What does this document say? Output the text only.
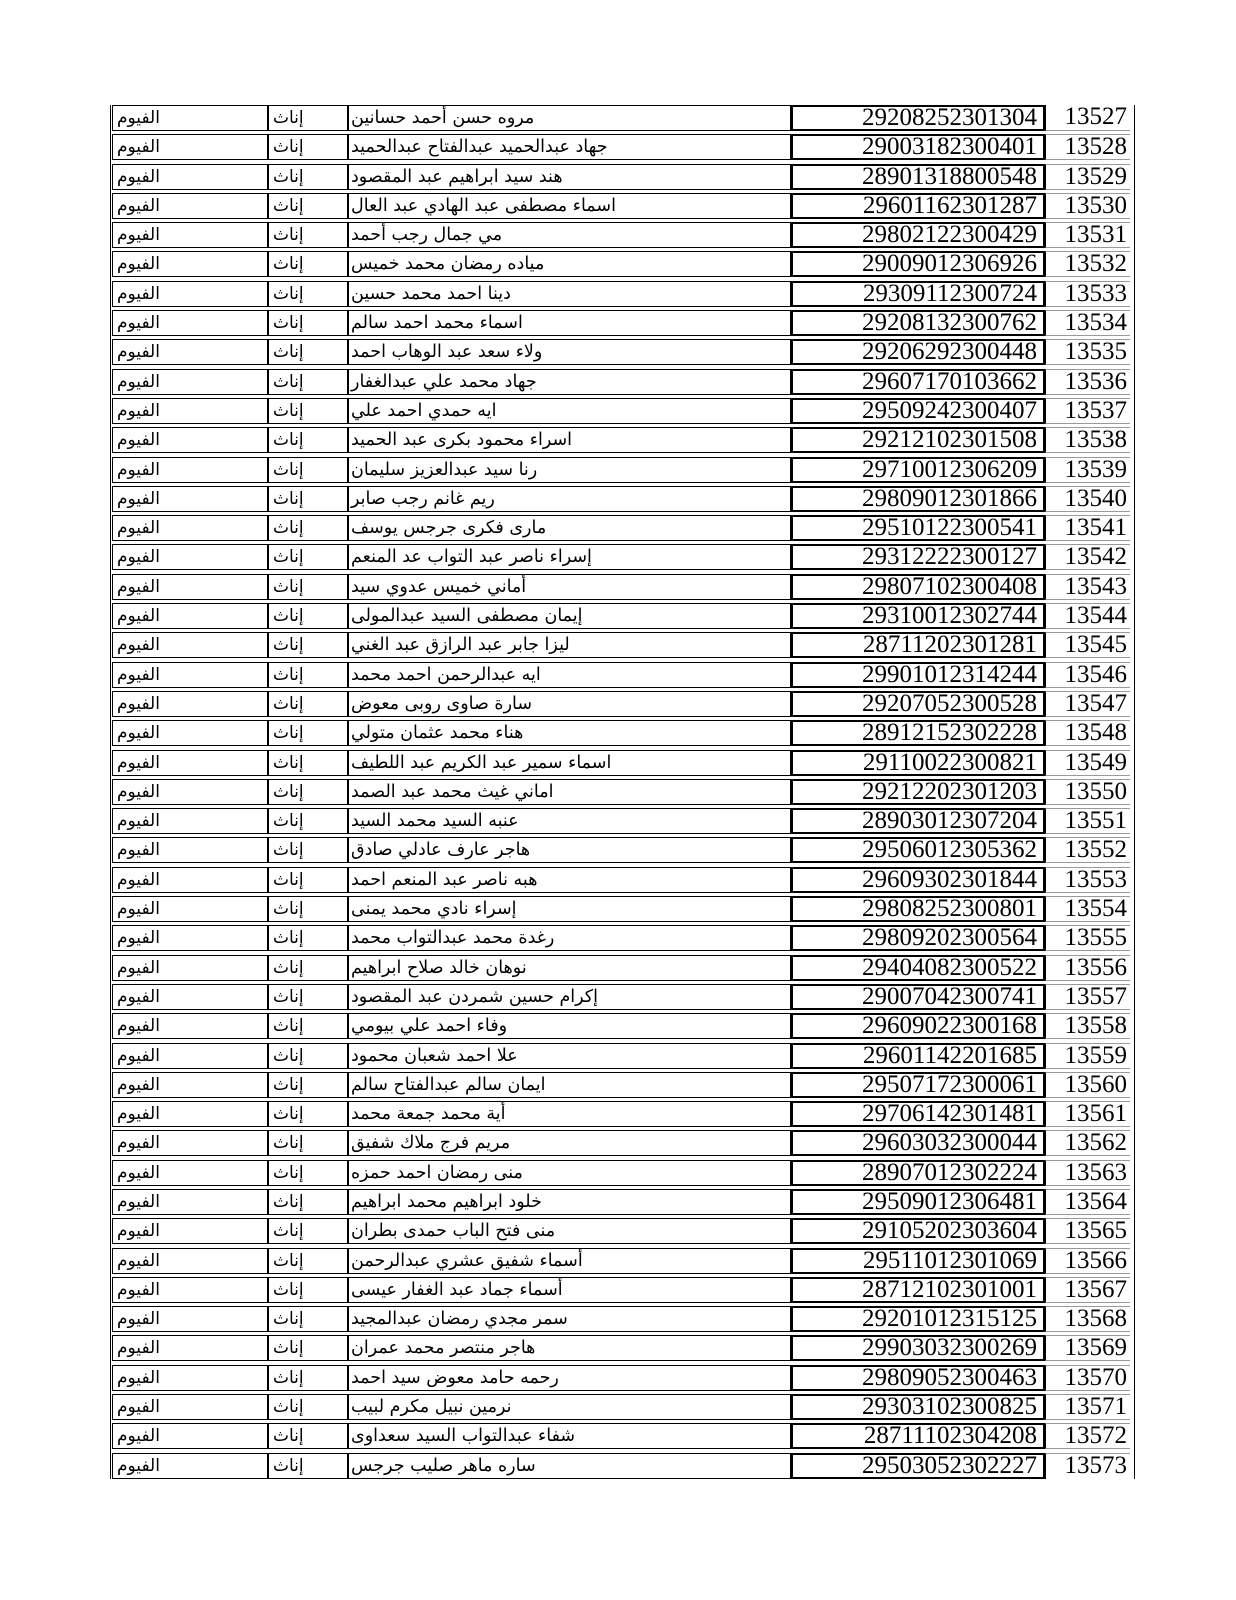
الفيوم	إناث	مروه حسن أحمد حسانين	29208252301304	13527
الفيوم	إناث	جهاد عبدالحميد عبدالفتاح عبدالحميد	29003182300401	13528
الفيوم	إناث	هند سيد ابراهيم عبد المقصود	28901318800548	13529
الفيوم	إناث	اسماء مصطفى عبد الهادي عبد العال	29601162301287	13530
الفيوم	إناث	مي جمال رجب أحمد	29802122300429	13531
الفيوم	إناث	مياده رمضان محمد خميس	29009012306926	13532
الفيوم	إناث	دينا احمد محمد حسين	29309112300724	13533
الفيوم	إناث	اسماء محمد احمد سالم	29208132300762	13534
الفيوم	إناث	ولاء سعد عبد الوهاب احمد	29206292300448	13535
الفيوم	إناث	جهاد محمد علي عبدالغفار	29607170103662	13536
الفيوم	إناث	ايه حمدي احمد علي	29509242300407	13537
الفيوم	إناث	اسراء محمود بكرى عبد الحميد	29212102301508	13538
الفيوم	إناث	رنا سيد عبدالعزيز سليمان	29710012306209	13539
الفيوم	إناث	ريم غانم رجب صابر	29809012301866	13540
الفيوم	إناث	مارى فكرى جرجس يوسف	29510122300541	13541
الفيوم	إناث	إسراء ناصر عبد التواب عد المنعم	29312222300127	13542
الفيوم	إناث	أماني خميس عدوي سيد	29807102300408	13543
الفيوم	إناث	إيمان مصطفى السيد عبدالمولى	29310012302744	13544
الفيوم	إناث	ليزا جابر عبد الرازق عبد الغني	28711202301281	13545
الفيوم	إناث	ايه عبدالرحمن احمد محمد	29901012314244	13546
الفيوم	إناث	سارة صاوى روبى معوض	29207052300528	13547
الفيوم	إناث	هناء محمد عثمان متولي	28912152302228	13548
الفيوم	إناث	اسماء سمير عبد الكريم عبد اللطيف	29110022300821	13549
الفيوم	إناث	اماني غيث محمد عبد الصمد	29212202301203	13550
الفيوم	إناث	عنبه السيد محمد السيد	28903012307204	13551
الفيوم	إناث	هاجر عارف عادلي صادق	29506012305362	13552
الفيوم	إناث	هبه ناصر عبد المنعم احمد	29609302301844	13553
الفيوم	إناث	إسراء نادي محمد يمنى	29808252300801	13554
الفيوم	إناث	رغدة محمد عبدالتواب محمد	29809202300564	13555
الفيوم	إناث	نوهان خالد صلاح ابراهيم	29404082300522	13556
الفيوم	إناث	إكرام حسين شمردن عبد المقصود	29007042300741	13557
الفيوم	إناث	وفاء احمد علي بيومي	29609022300168	13558
الفيوم	إناث	علا احمد شعبان محمود	29601142201685	13559
الفيوم	إناث	ايمان سالم عبدالفتاح سالم	29507172300061	13560
الفيوم	إناث	أية محمد جمعة محمد	29706142301481	13561
الفيوم	إناث	مريم فرج ملاك شفيق	29603032300044	13562
الفيوم	إناث	منى رمضان احمد حمزه	28907012302224	13563
الفيوم	إناث	خلود ابراهيم محمد ابراهيم	29509012306481	13564
الفيوم	إناث	منى فتح الباب حمدى بطران	29105202303604	13565
الفيوم	إناث	أسماء شفيق عشري عبدالرحمن	29511012301069	13566
الفيوم	إناث	أسماء جماد عبد الغفار عيسى	28712102301001	13567
الفيوم	إناث	سمر مجدي رمضان عبدالمجيد	29201012315125	13568
الفيوم	إناث	هاجر منتصر محمد عمران	29903032300269	13569
الفيوم	إناث	رحمه حامد معوض سيد احمد	29809052300463	13570
الفيوم	إناث	نرمين نبيل مكرم لبيب	29303102300825	13571
الفيوم	إناث	شفاء عبدالتواب السيد سعداوى	28711102304208	13572
الفيوم	إناث	ساره ماهر صليب جرجس	29503052302227	13573
